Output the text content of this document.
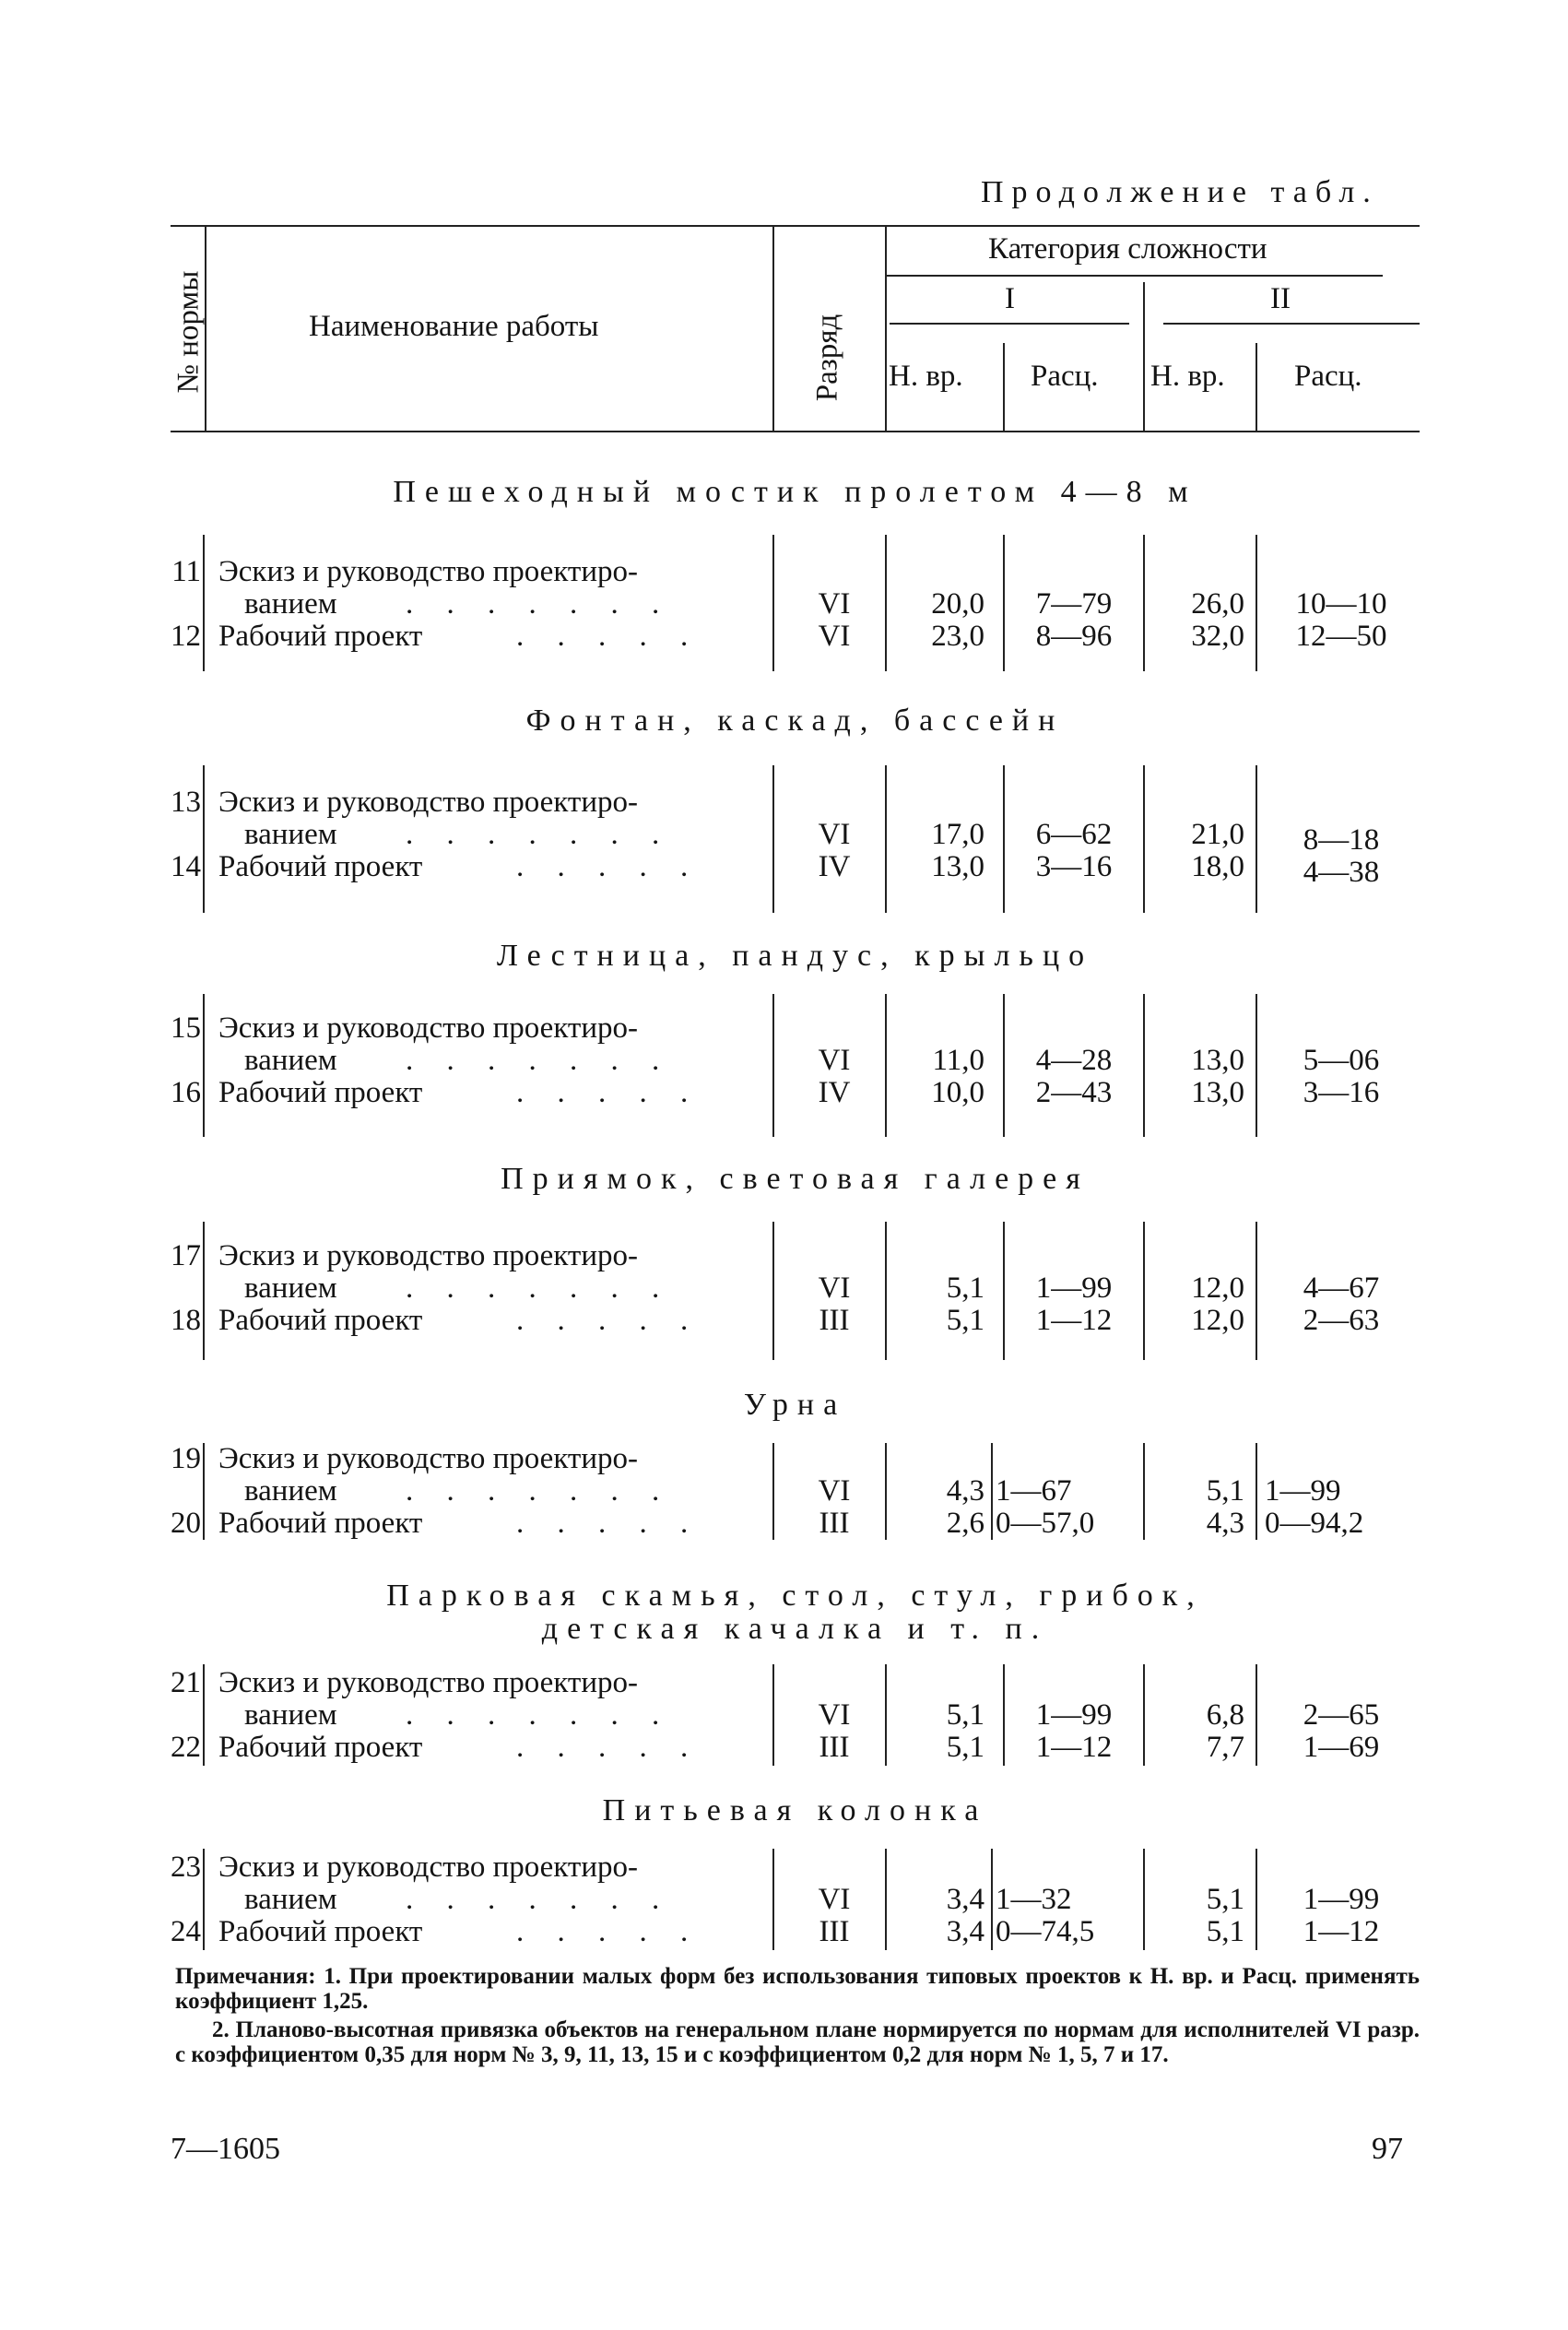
Продолжение табл.
№ нормы	Наименование работы	Разряд
Категория сложности
I	II
Н. вр. Расц. Н. вр. Расц.
Пешеходный мостик пролетом 4—8 м
11 Эскиз и руководство проектиро-
ванием . . . . . . .	VI	20,0	7—79	26,0	10—10
12 Рабочий проект	. . . . .	VI	23,0	8—96	32,0	12—50
Фонтан, каскад, бассейн
13 Эскиз и руководство проектиро-
ванием . . . . . . .	VI	17,0	6—62	21,0	8—18
14 Рабочий проект	. . . . .	IV	13,0	3—16	18,0	4—38
Лестница, пандус, крыльцо
15 Эскиз и руководство проектиро-
ванием . . . . . . .	VI	11,0	4—28	13,0	5—06
16 Рабочий проект	. . . . .	IV	10,0	2—43	13,0	3—16
Приямок, световая галерея
17 Эскиз и руководство проектиро-
ванием . . . . . . .	VI	5,1	1—99	12,0	4—67
18 Рабочий проект	. . . . .	III	5,1	1—12	12,0	2—63
Урна
19 Эскиз и руководство проектиро-
ванием . . . . . . .	VI	4,3 1—67	5,1 1—99
20 Рабочий проект	. . . . .	III	2,6 0—57,0	4,3 0—94,2
Парковая скамья, стол, стул, грибок,
детская качалка и т. п.
21 Эскиз и руководство проектиро-
ванием . . . . . . .	VI	5,1	1—99	6,8	2—65
22 Рабочий проект	. . . . .	III	5,1	1—12	7,7	1—69
Питьевая колонка
23 Эскиз и руководство проектиро-
ванием . . . . . . .	VI	3,4 1—32	5,1	1—99
24 Рабочий проект	. . . . .	III	3,4 0—74,5	5,1	1—12
Примечания: 1. При проектировании малых форм без использования типовых проектов к Н. вр. и Расц. применять коэффициент 1,25.
2. Планово-высотная привязка объектов на генеральном плане нормируется по нормам для исполнителей VI разр. с коэффициентом 0,35 для норм № 3, 9, 11, 13, 15 и с коэффициентом 0,2 для норм № 1, 5, 7 и 17.
7—1605	97
